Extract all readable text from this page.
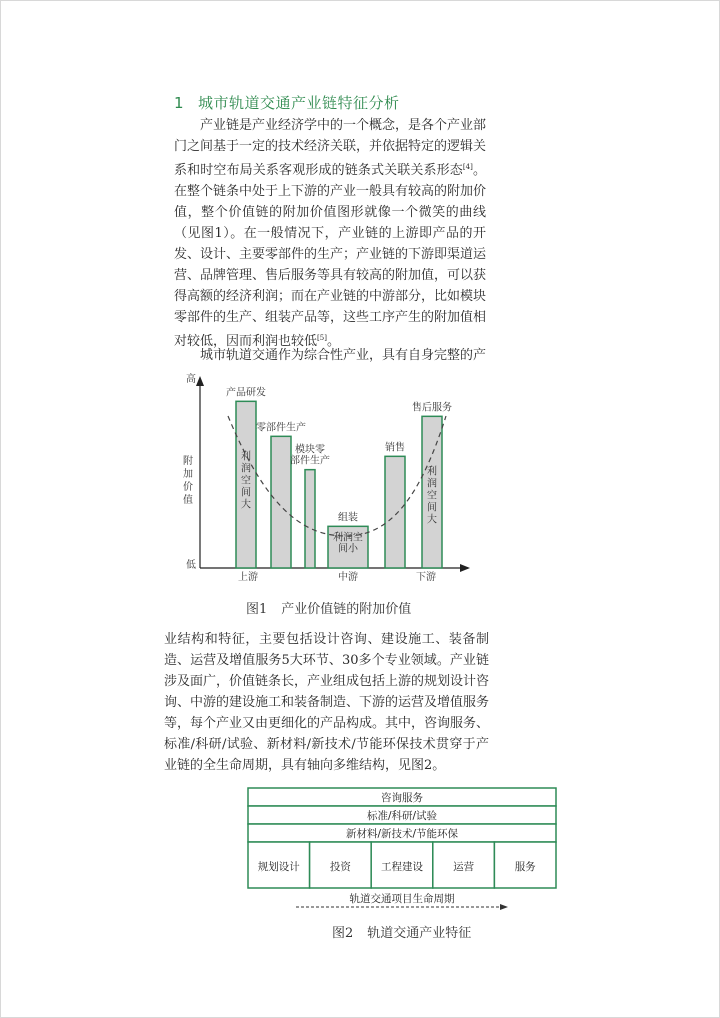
1 城市轨道交通产业链特征分析

产业链是产业经济学中的一个概念，是各个产业部门之间基于一定的技术经济关联，并依据特定的逻辑关系和时空布局关系客观形成的链条式关联关系形态[4]。在整个链条中处于上下游的产业一般具有较高的附加价值，整个价值链的附加价值图形就像一个微笑的曲线（见图1）。在一般情况下，产业链的上游即产品的开发、设计、主要零部件的生产；产业链的下游即渠道运营、品牌管理、售后服务等具有较高的附加值，可以获得高额的经济利润；而在产业链的中游部分，比如模块零部件的生产、组装产品等，这些工序产生的附加值相对较低，因而利润也较低[5]。

城市轨道交通作为综合性产业，具有自身完整的产

高
低
附
加
价
值
上游	中游	下游
产品研发
利
润
空
间
大
零部件生产
模块零
部件生产
组装
利润空
间小
销售
售后服务
利
润
空
间
大
图1 产业价值链的附加价值

业结构和特征，主要包括设计咨询、建设施工、装备制造、运营及增值服务5大环节、30多个专业领域。产业链涉及面广，价值链条长，产业组成包括上游的规划设计咨询、中游的建设施工和装备制造、下游的运营及增值服务等，每个产业又由更细化的产品构成。其中，咨询服务、标准/科研/试验、新材料/新技术/节能环保技术贯穿于产业链的全生命周期，具有轴向多维结构，见图2。

咨询服务
标准/科研/试验
新材料/新技术/节能环保
规划设计	投资	工程建设	运营	服务
轨道交通项目生命周期
图2 轨道交通产业特征
